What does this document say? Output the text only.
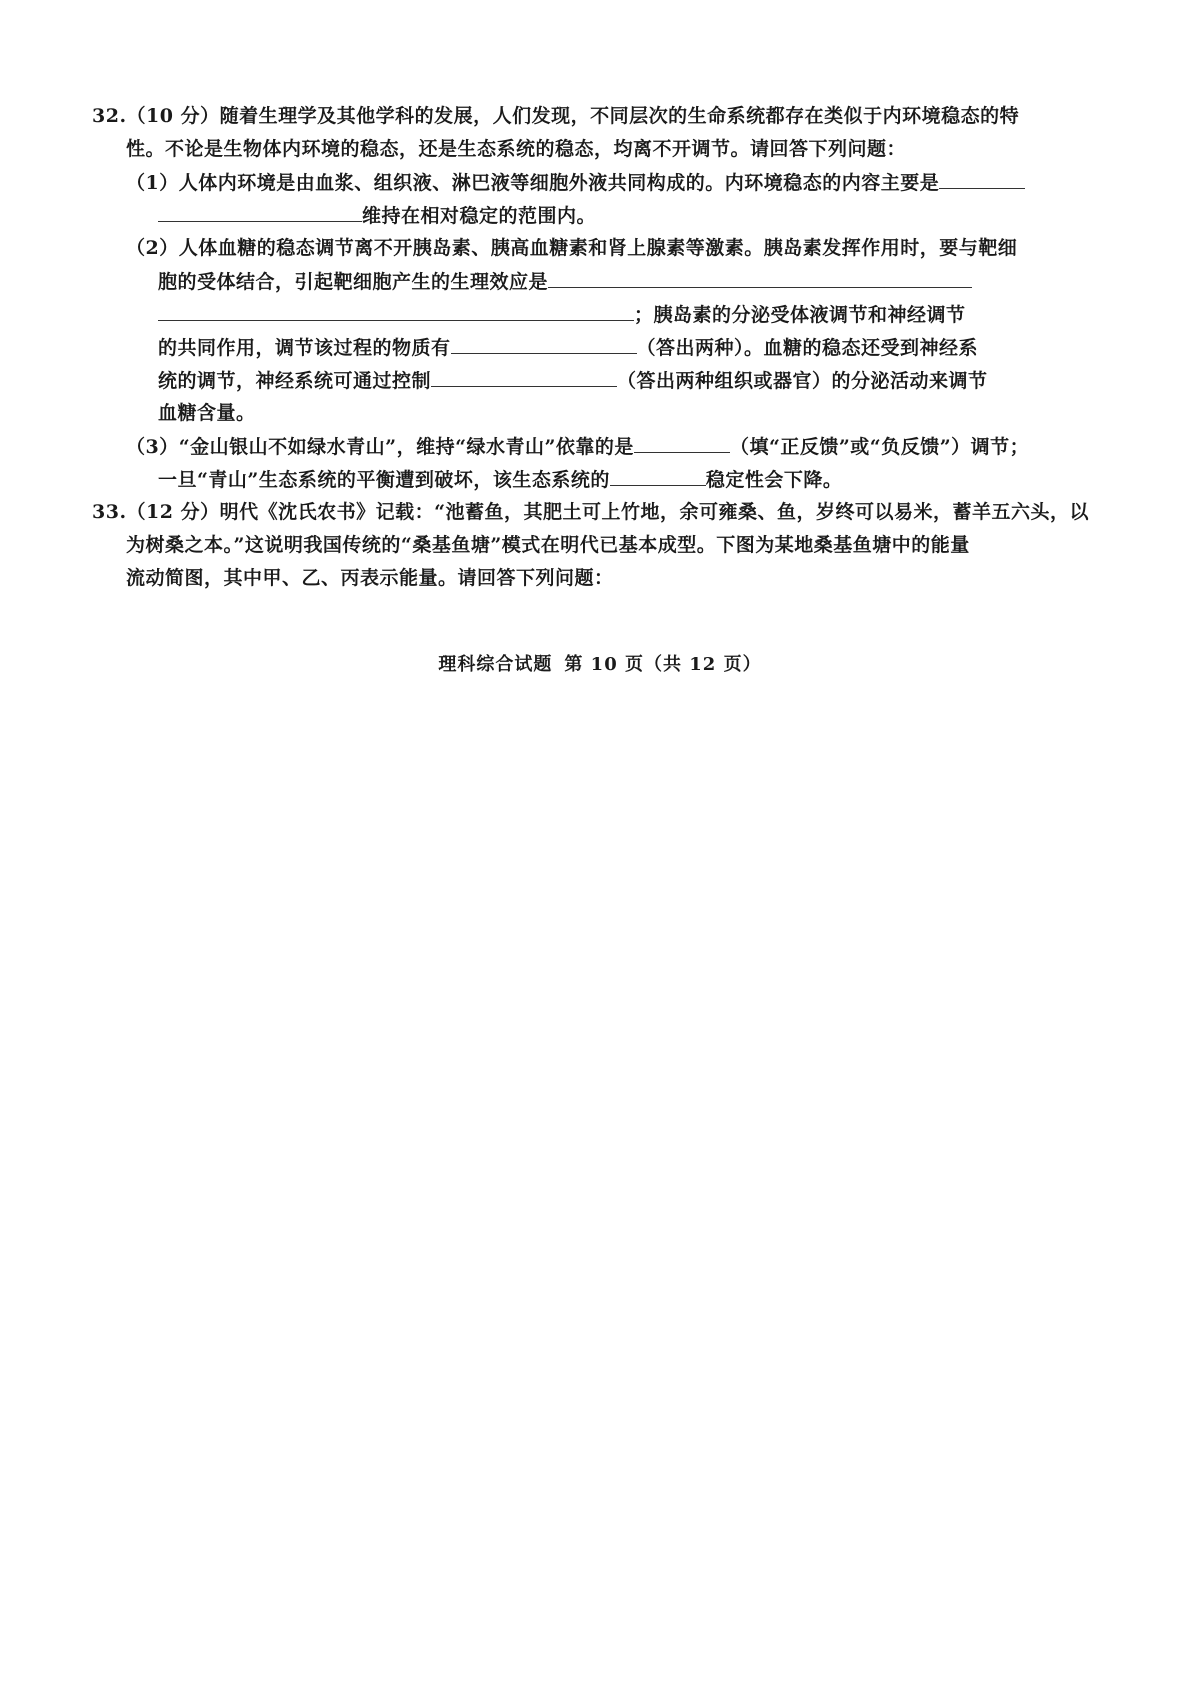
32.（10 分）随着生理学及其他学科的发展，人们发现，不同层次的生命系统都存在类似于内环境稳态的特
性。不论是生物体内环境的稳态，还是生态系统的稳态，均离不开调节。请回答下列问题：
（1）人体内环境是由血浆、组织液、淋巴液等细胞外液共同构成的。内环境稳态的内容主要是
维持在相对稳定的范围内。
（2）人体血糖的稳态调节离不开胰岛素、胰高血糖素和肾上腺素等激素。胰岛素发挥作用时，要与靶细
胞的受体结合，引起靶细胞产生的生理效应是
；胰岛素的分泌受体液调节和神经调节
的共同作用，调节该过程的物质有	（答出两种）。血糖的稳态还受到神经系
统的调节，神经系统可通过控制	（答出两种组织或器官）的分泌活动来调节
血糖含量。
（3）“金山银山不如绿水青山”，维持“绿水青山”依靠的是	（填“正反馈”或“负反馈”）调节；
一旦“青山”生态系统的平衡遭到破坏，该生态系统的	稳定性会下降。
33.（12 分）明代《沈氏农书》记载：“池蓄鱼，其肥土可上竹地，余可雍桑、鱼，岁终可以易米，蓄羊五六头，以
为树桑之本。”这说明我国传统的“桑基鱼塘”模式在明代已基本成型。下图为某地桑基鱼塘中的能量
流动简图，其中甲、乙、丙表示能量。请回答下列问题：
理科综合试题 第 10 页（共 12 页）
